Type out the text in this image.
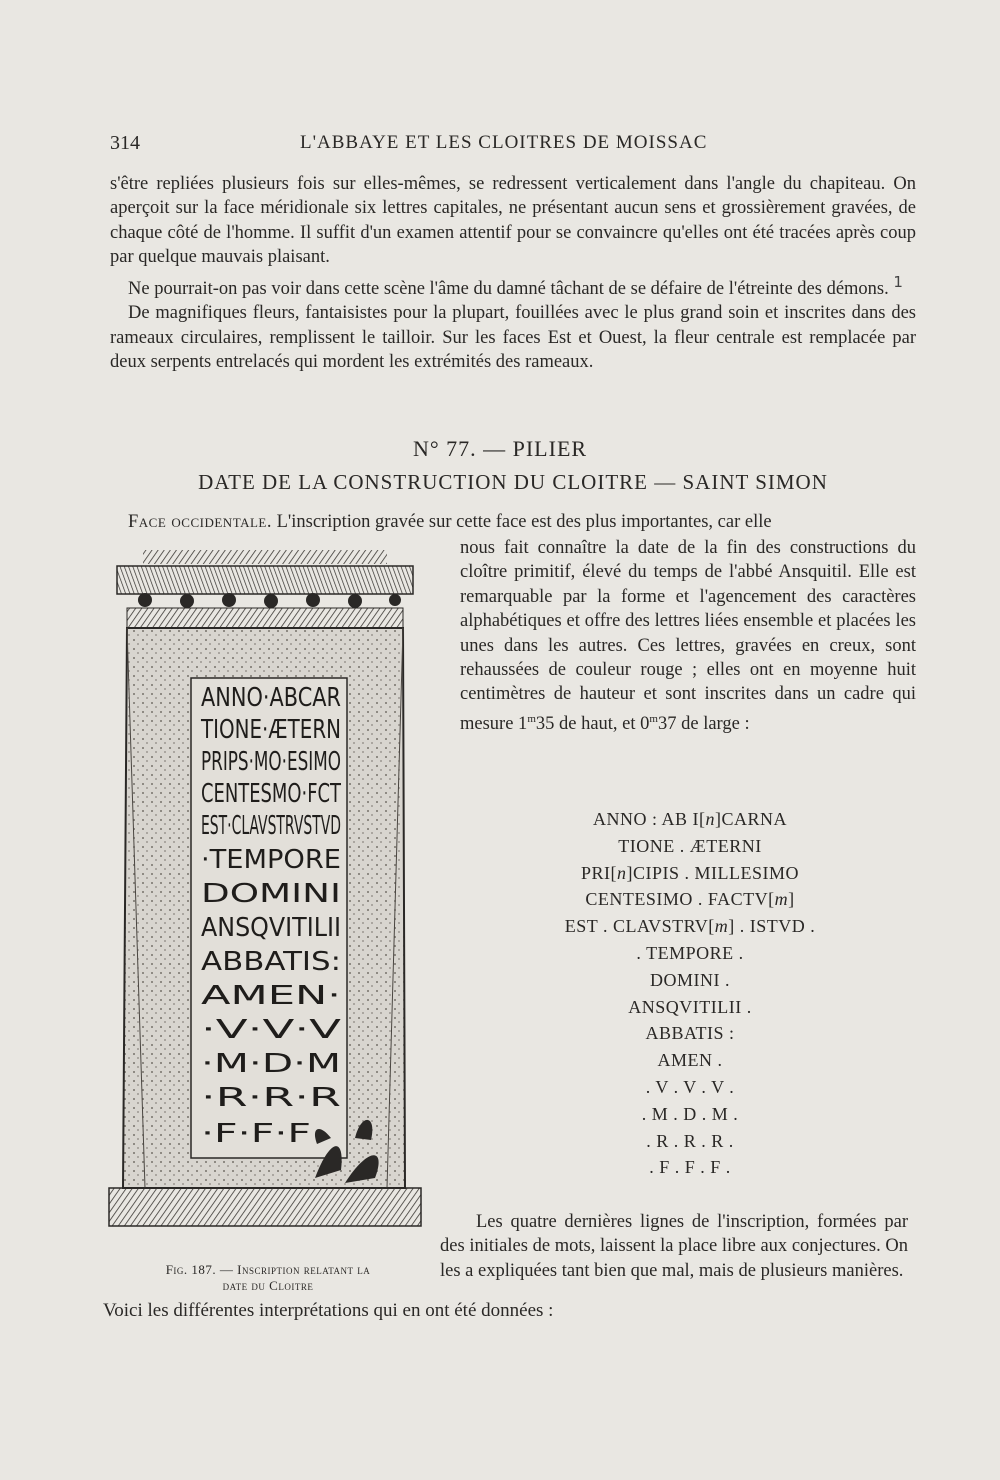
314	L'ABBAYE ET LES CLOITRES DE MOISSAC

s'être repliées plusieurs fois sur elles-mêmes, se redressent verticalement dans l'angle du chapiteau. On aperçoit sur la face méridionale six lettres capitales, ne présentant aucun sens et grossièrement gravées, de chaque côté de l'homme. Il suffit d'un examen attentif pour se convaincre qu'elles ont été tracées après coup par quelque mauvais plaisant.

Ne pourrait-on pas voir dans cette scène l'âme du damné tâchant de se défaire de l'étreinte des démons. $^1$

De magnifiques fleurs, fantaisistes pour la plupart, fouillées avec le plus grand soin et inscrites dans des rameaux circulaires, remplissent le tailloir. Sur les faces Est et Ouest, la fleur centrale est remplacée par deux serpents entrelacés qui mordent les extrémités des rameaux.

N° 77. — PILIER
DATE DE LA CONSTRUCTION DU CLOITRE — SAINT SIMON
Face occidentale. L'inscription gravée sur cette face est des plus importantes, car elle
nous fait connaître la date de la fin des constructions du cloître primitif, élevé du temps de l'abbé Ansquitil. Elle est remarquable par la forme et l'agencement des caractères alphabétiques et offre des lettres liées ensemble et placées les unes dans les autres. Ces lettres, gravées en creux, sont rehaussées de couleur rouge ; elles ont en moyenne huit centimètres de hauteur et sont inscrites dans un cadre qui mesure 1$^m$35 de haut, et 0$^m$37 de large :
ANNO·ABCAR
TIONE·ÆTERN
PRIPS·MO·ESIMO
CENTESMO·FCT
EST·CLAVSTRVSTVD
·TEMPORE
DOMINI
ANSQVITILII
ABBATIS:
AMEN·
·V·V·V
·M·D·M
·R·R·R
·F·F·F
Fig. 187. — Inscription relatant la
date du Cloitre
ANNO : AB I[n]CARNA
TIONE . ÆTERNI
PRI[n]CIPIS . MILLESIMO
CENTESIMO . FACTV[m]
EST . CLAVSTRV[m] . ISTVD .
. TEMPORE .
DOMINI .
ANSQVITILII .
ABBATIS :
AMEN .
. V . V . V .
. M . D . M .
. R . R . R .
. F . F . F .

Les quatre dernières lignes de l'inscription, formées par des initiales de mots, laissent la place libre aux conjectures. On les a expliquées tant bien que mal, mais de plusieurs manières.

Voici les différentes interprétations qui en ont été données :
